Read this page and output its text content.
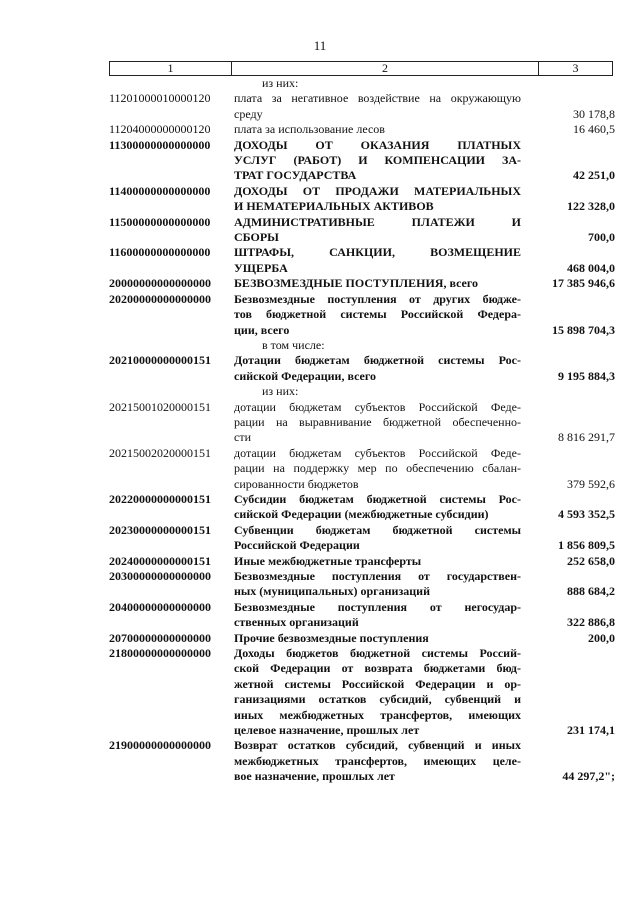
11
1	2	3
из них:
11201000010000120	плата за негативное воздействие на окружающую
среду	30 178,8
11204000000000120	плата за использование лесов	16 460,5
11300000000000000	ДОХОДЫ ОТ ОКАЗАНИЯ ПЛАТНЫХ
УСЛУГ (РАБОТ) И КОМПЕНСАЦИИ ЗА-
ТРАТ ГОСУДАРСТВА	42 251,0
11400000000000000	ДОХОДЫ ОТ ПРОДАЖИ МАТЕРИАЛЬНЫХ
И НЕМАТЕРИАЛЬНЫХ АКТИВОВ	122 328,0
11500000000000000	АДМИНИСТРАТИВНЫЕ ПЛАТЕЖИ И
СБОРЫ	700,0
11600000000000000	ШТРАФЫ, САНКЦИИ, ВОЗМЕЩЕНИЕ
УЩЕРБА	468 004,0
20000000000000000	БЕЗВОЗМЕЗДНЫЕ ПОСТУПЛЕНИЯ, всего	17 385 946,6
20200000000000000	Безвозмездные поступления от других бюдже-
тов бюджетной системы Российской Федера-
ции, всего	15 898 704,3
в том числе:
20210000000000151	Дотации бюджетам бюджетной системы Рос-
сийской Федерации, всего	9 195 884,3
из них:
20215001020000151	дотации бюджетам субъектов Российской Феде-
рации на выравнивание бюджетной обеспеченно-
сти	8 816 291,7
20215002020000151	дотации бюджетам субъектов Российской Феде-
рации на поддержку мер по обеспечению сбалан-
сированности бюджетов	379 592,6
20220000000000151	Субсидии бюджетам бюджетной системы Рос-
сийской Федерации (межбюджетные субсидии)	4 593 352,5
20230000000000151	Субвенции бюджетам бюджетной системы
Российской Федерации	1 856 809,5
20240000000000151	Иные межбюджетные трансферты	252 658,0
20300000000000000	Безвозмездные поступления от государствен-
ных (муниципальных) организаций	888 684,2
20400000000000000	Безвозмездные поступления от негосудар-
ственных организаций	322 886,8
20700000000000000	Прочие безвозмездные поступления	200,0
21800000000000000	Доходы бюджетов бюджетной системы Россий-
ской Федерации от возврата бюджетами бюд-
жетной системы Российской Федерации и ор-
ганизациями остатков субсидий, субвенций и
иных межбюджетных трансфертов, имеющих
целевое назначение, прошлых лет	231 174,1
21900000000000000	Возврат остатков субсидий, субвенций и иных
межбюджетных трансфертов, имеющих целе-
вое назначение, прошлых лет	44 297,2";
